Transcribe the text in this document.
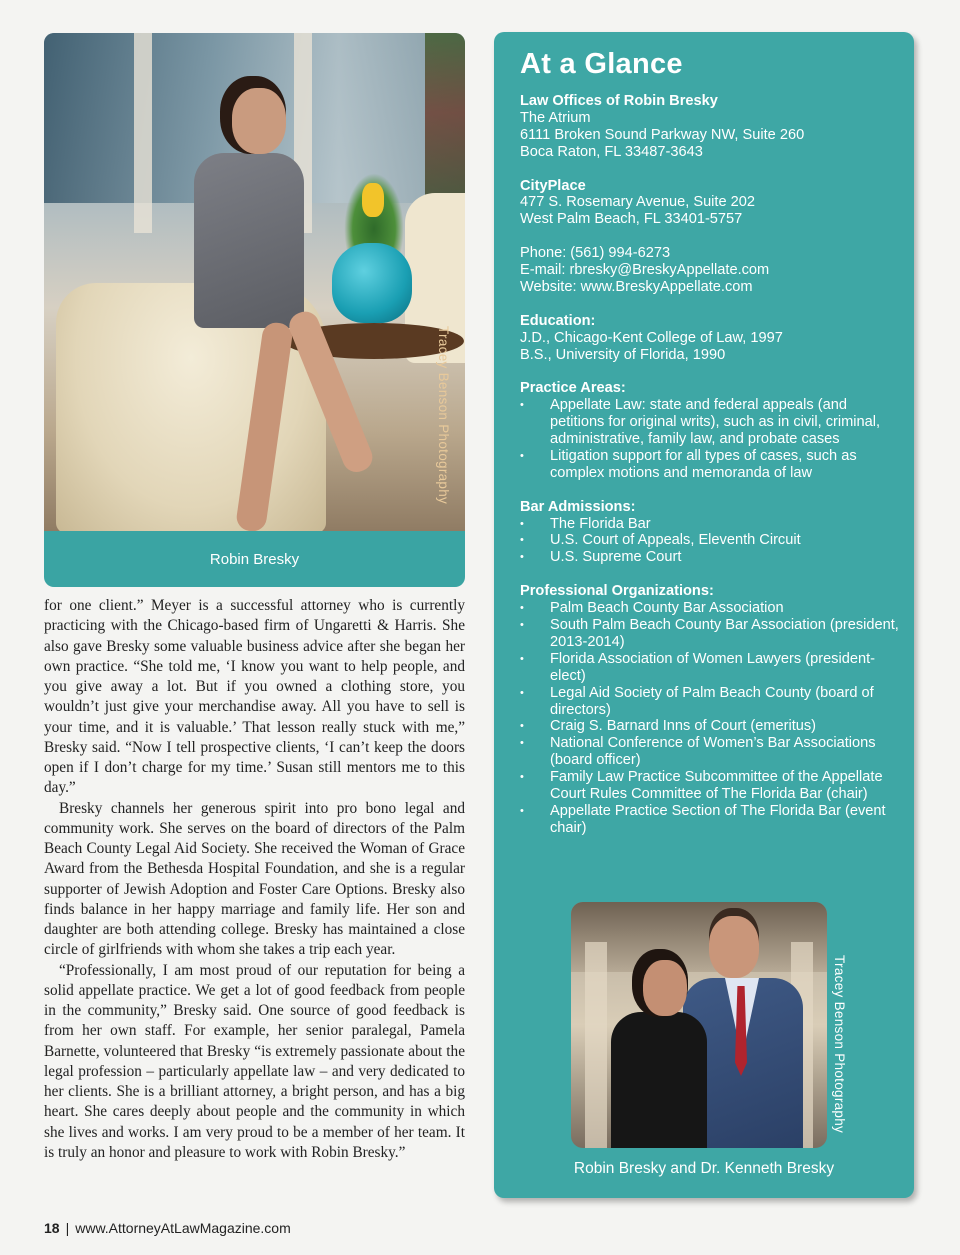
Tracey Benson Photography
Robin Bresky

for one client.” Meyer is a successful attorney who is currently practicing with the Chicago-based firm of Ungaretti & Harris. She also gave Bresky some valuable business advice after she began her own practice. “She told me, ‘I know you want to help people, and you give away a lot. But if you owned a clothing store, you wouldn’t just give your merchandise away. All you have to sell is your time, and it is valuable.’ That lesson really stuck with me,” Bresky said. “Now I tell prospective clients, ‘I can’t keep the doors open if I don’t charge for my time.’ Susan still mentors me to this day.”

Bresky channels her generous spirit into pro bono legal and community work. She serves on the board of directors of the Palm Beach County Legal Aid Society. She received the Woman of Grace Award from the Bethesda Hospital Foundation, and she is a regular supporter of Jewish Adoption and Foster Care Options. Bresky also finds balance in her happy marriage and family life. Her son and daughter are both attending college. Bresky has maintained a close circle of girlfriends with whom she takes a trip each year.

“Professionally, I am most proud of our reputation for being a solid appellate practice. We get a lot of good feedback from people in the community,” Bresky said. One source of good feedback is from her own staff. For example, her senior paralegal, Pamela Barnette, volunteered that Bresky “is extremely passionate about the legal profession – particularly appellate law – and very dedicated to her clients. She is a brilliant attorney, a bright person, and has a big heart. She cares deeply about people and the community in which she lives and works. I am very proud to be a member of her team. It is truly an honor and pleasure to work with Robin Bresky.”

18 | www.AttorneyAtLawMagazine.com
At a Glance
Law Offices of Robin Bresky
The Atrium
6111 Broken Sound Parkway NW, Suite 260
Boca Raton, FL 33487-3643
CityPlace
477 S. Rosemary Avenue, Suite 202
West Palm Beach, FL 33401-5757
Phone: (561) 994-6273
E-mail: rbresky@BreskyAppellate.com
Website: www.BreskyAppellate.com
Education:
J.D., Chicago-Kent College of Law, 1997
B.S., University of Florida, 1990
Practice Areas:
• Appellate Law: state and federal appeals (and petitions for original writs), such as in civil, criminal, administrative, family law, and probate cases
• Litigation support for all types of cases, such as complex motions and memoranda of law
Bar Admissions:
• The Florida Bar
• U.S. Court of Appeals, Eleventh Circuit
• U.S. Supreme Court
Professional Organizations:
• Palm Beach County Bar Association
• South Palm Beach County Bar Association (president, 2013-2014)
• Florida Association of Women Lawyers (president-elect)
• Legal Aid Society of Palm Beach County (board of directors)
• Craig S. Barnard Inns of Court (emeritus)
• National Conference of Women’s Bar Associations (board officer)
• Family Law Practice Subcommittee of the Appellate Court Rules Committee of The Florida Bar (chair)
• Appellate Practice Section of The Florida Bar (event chair)
Tracey Benson Photography
Robin Bresky and Dr. Kenneth Bresky
